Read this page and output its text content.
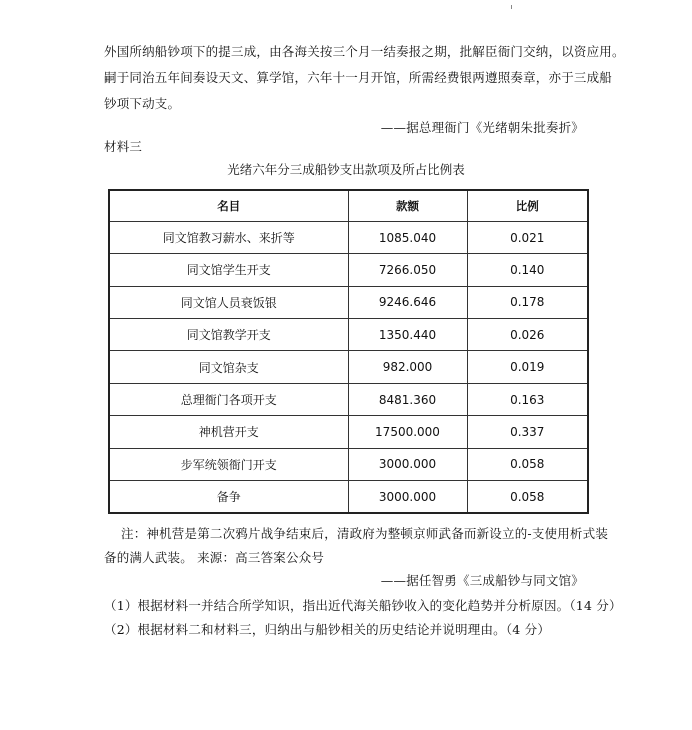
外国所纳船钞项下的提三成，由各海关按三个月一结奏报之期，批解臣衙门交纳，以资应用。
嗣于同治五年间奏设天文、算学馆，六年十一月开馆，所需经费银两遵照奏章，亦于三成船
钞项下动支。
——据总理衙门《光绪朝朱批奏折》
材料三
光绪六年分三成船钞支出款项及所占比例表
名目	款额	比例
同文馆教习薪水、来折等	1085.040	0.021
同文馆学生开支	7266.050	0.140
同文馆人员衰饭银	9246.646	0.178
同文馆教学开支	1350.440	0.026
同文馆杂支	982.000	0.019
总理衙门各项开支	8481.360	0.163
神机营开支	17500.000	0.337
步军统领衙门开支	3000.000	0.058
备争	3000.000	0.058
注：神机营是第二次鸦片战争结束后，清政府为整顿京师武备而新设立的-支使用析式装
备的满人武装。 来源：高三答案公众号
——据任智勇《三成船钞与同文馆》
（1）根据材料一并结合所学知识，指出近代海关船钞收入的变化趋势并分析原因。（14 分）
（2）根据材料二和材料三，归纳出与船钞相关的历史结论并说明理由。（4 分）
